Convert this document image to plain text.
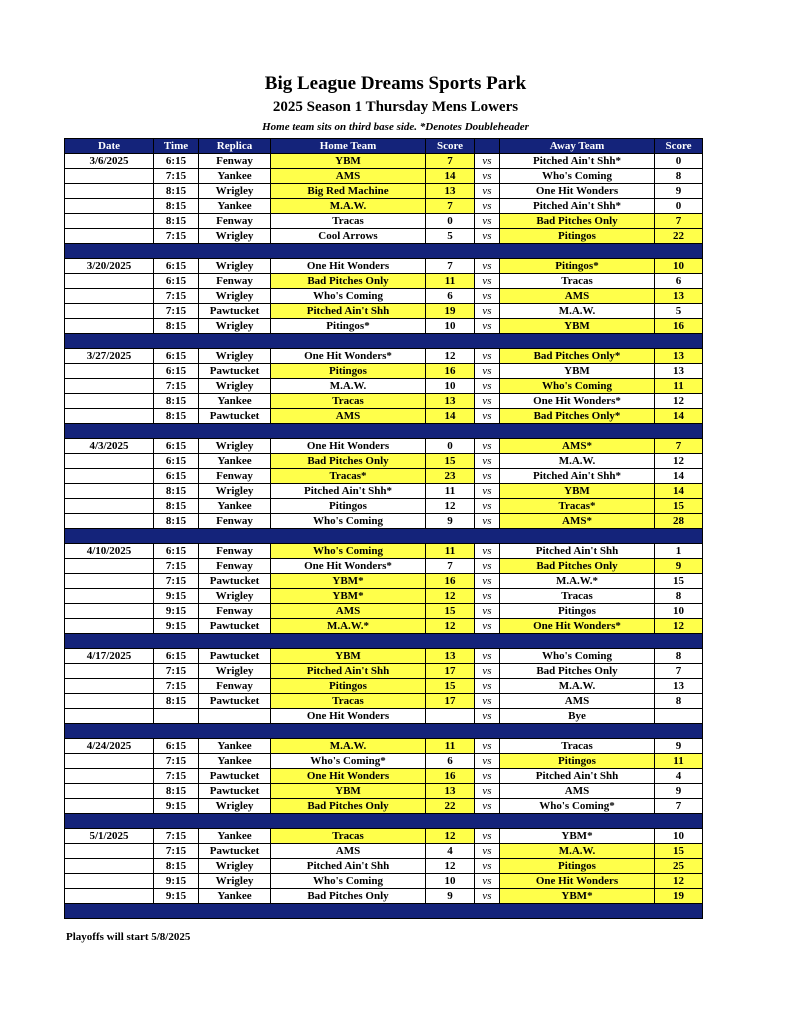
Big League Dreams Sports Park
2025 Season 1 Thursday Mens Lowers
Home team sits on third base side. *Denotes Doubleheader
Date	Time	Replica	Home Team	Score		Away Team	Score
3/6/2025	6:15	Fenway	YBM	7	vs	Pitched Ain't Shh*	0
	7:15	Yankee	AMS	14	vs	Who's Coming	8
	8:15	Wrigley	Big Red Machine	13	vs	One Hit Wonders	9
	8:15	Yankee	M.A.W.	7	vs	Pitched Ain't Shh*	0
	8:15	Fenway	Tracas	0	vs	Bad Pitches Only	7
	7:15	Wrigley	Cool Arrows	5	vs	Pitingos	22

3/20/2025	6:15	Wrigley	One Hit Wonders	7	vs	Pitingos*	10
	6:15	Fenway	Bad Pitches Only	11	vs	Tracas	6
	7:15	Wrigley	Who's Coming	6	vs	AMS	13
	7:15	Pawtucket	Pitched Ain't Shh	19	vs	M.A.W.	5
	8:15	Wrigley	Pitingos*	10	vs	YBM	16

3/27/2025	6:15	Wrigley	One Hit Wonders*	12	vs	Bad Pitches Only*	13
	6:15	Pawtucket	Pitingos	16	vs	YBM	13
	7:15	Wrigley	M.A.W.	10	vs	Who's Coming	11
	8:15	Yankee	Tracas	13	vs	One Hit Wonders*	12
	8:15	Pawtucket	AMS	14	vs	Bad Pitches Only*	14

4/3/2025	6:15	Wrigley	One Hit Wonders	0	vs	AMS*	7
	6:15	Yankee	Bad Pitches Only	15	vs	M.A.W.	12
	6:15	Fenway	Tracas*	23	vs	Pitched Ain't Shh*	14
	8:15	Wrigley	Pitched Ain't Shh*	11	vs	YBM	14
	8:15	Yankee	Pitingos	12	vs	Tracas*	15
	8:15	Fenway	Who's Coming	9	vs	AMS*	28

4/10/2025	6:15	Fenway	Who's Coming	11	vs	Pitched Ain't Shh	1
	7:15	Fenway	One Hit Wonders*	7	vs	Bad Pitches Only	9
	7:15	Pawtucket	YBM*	16	vs	M.A.W.*	15
	9:15	Wrigley	YBM*	12	vs	Tracas	8
	9:15	Fenway	AMS	15	vs	Pitingos	10
	9:15	Pawtucket	M.A.W.*	12	vs	One Hit Wonders*	12

4/17/2025	6:15	Pawtucket	YBM	13	vs	Who's Coming	8
	7:15	Wrigley	Pitched Ain't Shh	17	vs	Bad Pitches Only	7
	7:15	Fenway	Pitingos	15	vs	M.A.W.	13
	8:15	Pawtucket	Tracas	17	vs	AMS	8
			One Hit Wonders		vs	Bye	

4/24/2025	6:15	Yankee	M.A.W.	11	vs	Tracas	9
	7:15	Yankee	Who's Coming*	6	vs	Pitingos	11
	7:15	Pawtucket	One Hit Wonders	16	vs	Pitched Ain't Shh	4
	8:15	Pawtucket	YBM	13	vs	AMS	9
	9:15	Wrigley	Bad Pitches Only	22	vs	Who's Coming*	7

5/1/2025	7:15	Yankee	Tracas	12	vs	YBM*	10
	7:15	Pawtucket	AMS	4	vs	M.A.W.	15
	8:15	Wrigley	Pitched Ain't Shh	12	vs	Pitingos	25
	9:15	Wrigley	Who's Coming	10	vs	One Hit Wonders	12
	9:15	Yankee	Bad Pitches Only	9	vs	YBM*	19

Playoffs will start 5/8/2025
